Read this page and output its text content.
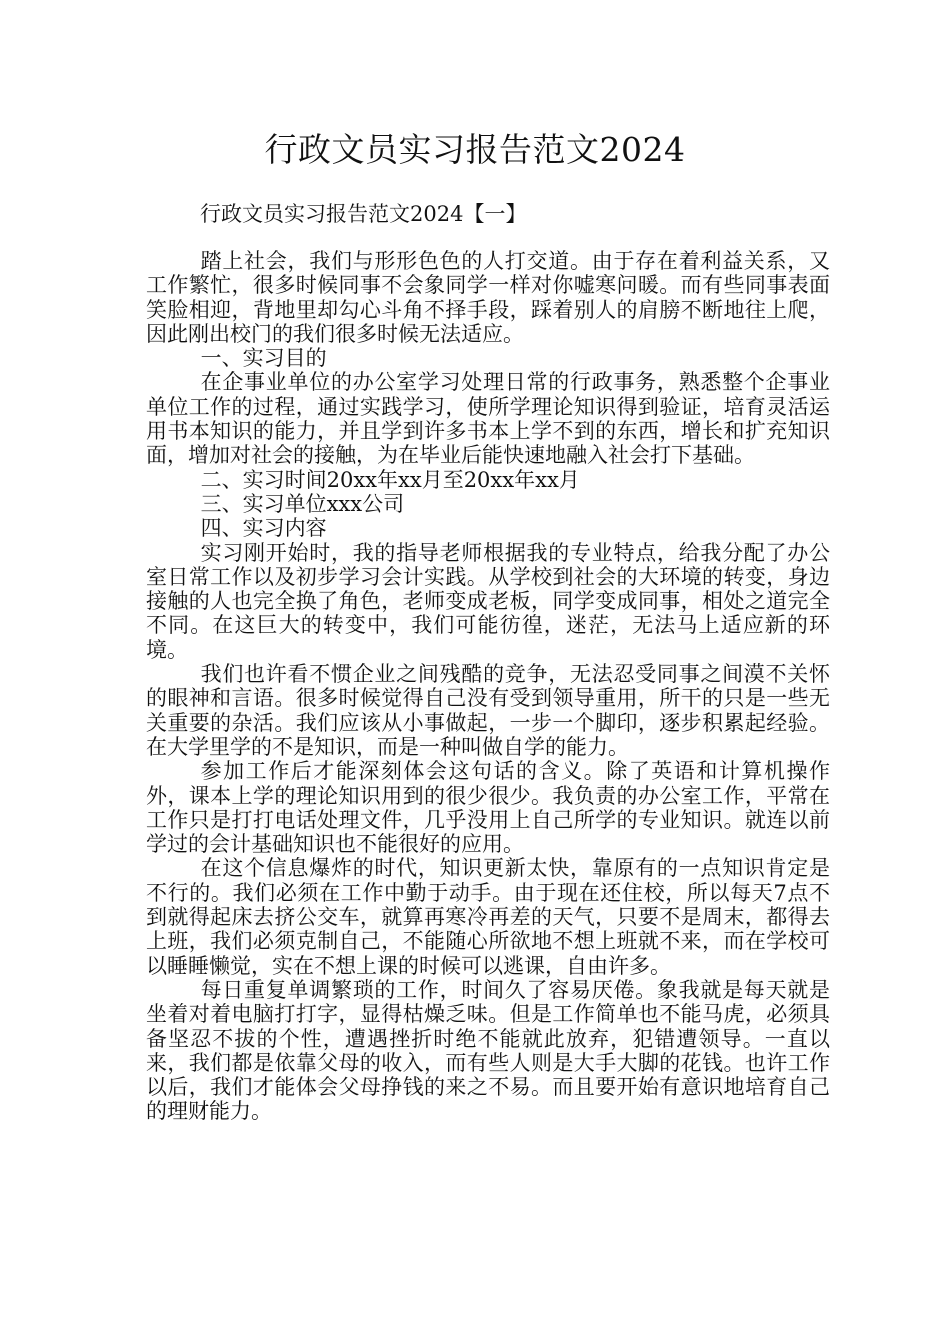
行政文员实习报告范文2024
行政文员实习报告范文2024【一】

踏上社会，我们与形形色色的人打交道。由于存在着利益关系，又工作繁忙，很多时候同事不会象同学一样对你嘘寒问暖。而有些同事表面笑脸相迎，背地里却勾心斗角不择手段，踩着别人的肩膀不断地往上爬，因此刚出校门的我们很多时候无法适应。

一、实习目的

在企事业单位的办公室学习处理日常的行政事务，熟悉整个企事业单位工作的过程，通过实践学习，使所学理论知识得到验证，培育灵活运用书本知识的能力，并且学到许多书本上学不到的东西，增长和扩充知识面，增加对社会的接触，为在毕业后能快速地融入社会打下基础。

二、实习时间20xx年xx月至20xx年xx月

三、实习单位xxx公司

四、实习内容

实习刚开始时，我的指导老师根据我的专业特点，给我分配了办公室日常工作以及初步学习会计实践。从学校到社会的大环境的转变，身边接触的人也完全换了角色，老师变成老板，同学变成同事，相处之道完全不同。在这巨大的转变中，我们可能彷徨，迷茫，无法马上适应新的环境。

我们也许看不惯企业之间残酷的竞争，无法忍受同事之间漠不关怀的眼神和言语。很多时候觉得自己没有受到领导重用，所干的只是一些无关重要的杂活。我们应该从小事做起，一步一个脚印，逐步积累起经验。在大学里学的不是知识，而是一种叫做自学的能力。

参加工作后才能深刻体会这句话的含义。除了英语和计算机操作外，课本上学的理论知识用到的很少很少。我负责的办公室工作，平常在工作只是打打电话处理文件，几乎没用上自己所学的专业知识。就连以前学过的会计基础知识也不能很好的应用。

在这个信息爆炸的时代，知识更新太快，靠原有的一点知识肯定是不行的。我们必须在工作中勤于动手。由于现在还住校，所以每天7点不到就得起床去挤公交车，就算再寒冷再差的天气，只要不是周末，都得去上班，我们必须克制自己，不能随心所欲地不想上班就不来，而在学校可以睡睡懒觉，实在不想上课的时候可以逃课，自由许多。

每日重复单调繁琐的工作，时间久了容易厌倦。象我就是每天就是坐着对着电脑打打字，显得枯燥乏味。但是工作简单也不能马虎，必须具备坚忍不拔的个性，遭遇挫折时绝不能就此放弃，犯错遭领导。一直以来，我们都是依靠父母的收入，而有些人则是大手大脚的花钱。也许工作以后，我们才能体会父母挣钱的来之不易。而且要开始有意识地培育自己的理财能力。
